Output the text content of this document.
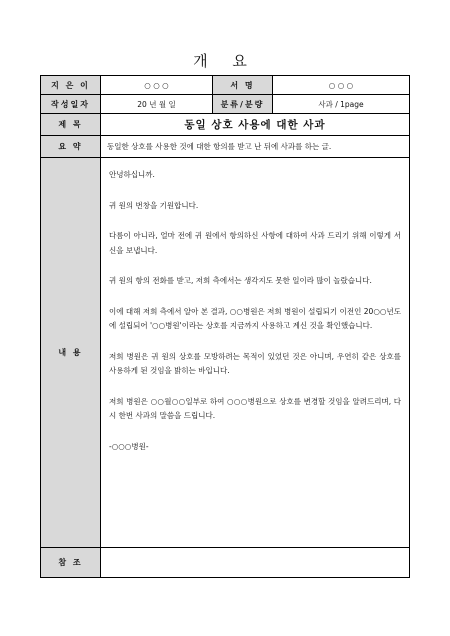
개 요
지 은 이	○ ○ ○	서 명	○ ○ ○
작성일자	20 년 월 일	분류/분량	사과 / 1page
제 목	동일 상호 사용에 대한 사과
요 약	동일한 상호를 사용한 것에 대한 항의를 받고 난 뒤에 사과를 하는 글.
내 용

안녕하십니까.

귀 원의 번창을 기원합니다.

다름이 아니라, 얼마 전에 귀 원에서 항의하신 사항에 대하여 사과 드리기 위해 이렇게 서신을 보냅니다.

귀 원의 항의 전화를 받고, 저희 측에서는 생각지도 못한 일이라 많이 놀랐습니다.

이에 대해 저희 측에서 알아 본 결과, ○○병원은 저희 병원이 설립되기 이전인 20○○년도에 설립되어 '○○병원'이라는 상호를 지금까지 사용하고 계신 것을 확인했습니다.

저희 병원은 귀 원의 상호를 모방하려는 목적이 있었던 것은 아니며, 우연히 같은 상호를 사용하게 된 것임을 밝히는 바입니다.

저희 병원은 ○○월○○일부로 하여 ○○○병원으로 상호를 변경할 것임을 알려드리며, 다시 한번 사과의 말씀을 드립니다.

-○○○병원-

참 조
